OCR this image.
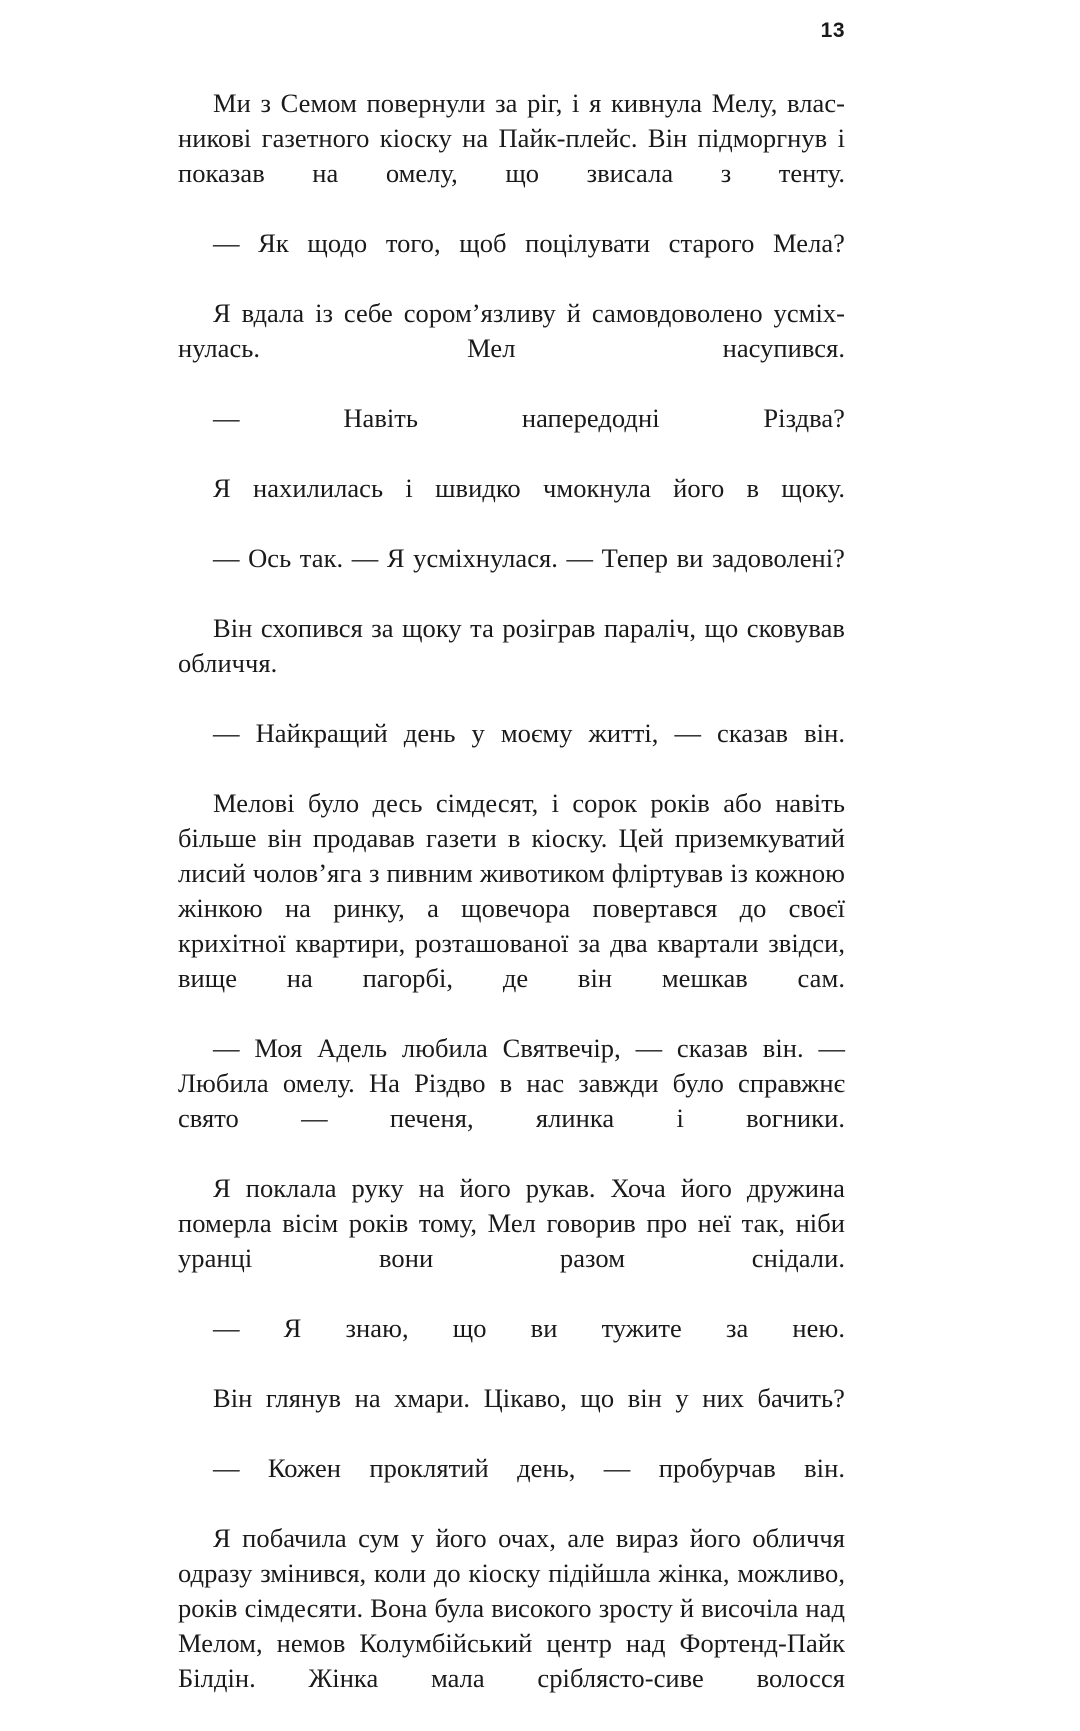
13

Ми з Семом повернули за ріг, і я кивнула Мелу, власникові газетного кіоску на Пайк-плейс. Він підморгнув і показав на омелу, що звисала з тенту.

— Як щодо того, щоб поцілувати старого Мела?

Я вдала із себе сором’язливу й самовдоволено усміхнулась. Мел насупився.

— Навіть напередодні Різдва?

Я нахилилась і швидко чмокнула його в щоку.

— Ось так. — Я усміхнулася. — Тепер ви задоволені?

Він схопився за щоку та розіграв параліч, що сковував обличчя.

— Найкращий день у моєму житті, — сказав він.

Мелові було десь сімдесят, і сорок років або навіть більше він продавав газети в кіоску. Цей приземкуватий лисий чолов’яга з пивним животиком фліртував із кожною жінкою на ринку, а щовечора повертався до своєї крихітної квартири, розташованої за два квартали звідси, вище на пагорбі, де він мешкав сам.

— Моя Адель любила Святвечір, — сказав він. — Любила омелу. На Різдво в нас завжди було справжнє свято — печеня, ялинка і вогники.

Я поклала руку на його рукав. Хоча його дружина померла вісім років тому, Мел говорив про неї так, ніби уранці вони разом снідали.

— Я знаю, що ви тужите за нею.

Він глянув на хмари. Цікаво, що він у них бачить?

— Кожен проклятий день, — пробурчав він.

Я побачила сум у його очах, але вираз його обличчя одразу змінився, коли до кіоску підійшла жінка, можливо, років сімдесяти. Вона була високого зросту й височіла над Мелом, немов Колумбійський центр над Фортенд-Пайк Білдін. Жінка мала сріблясто-сиве волосся
